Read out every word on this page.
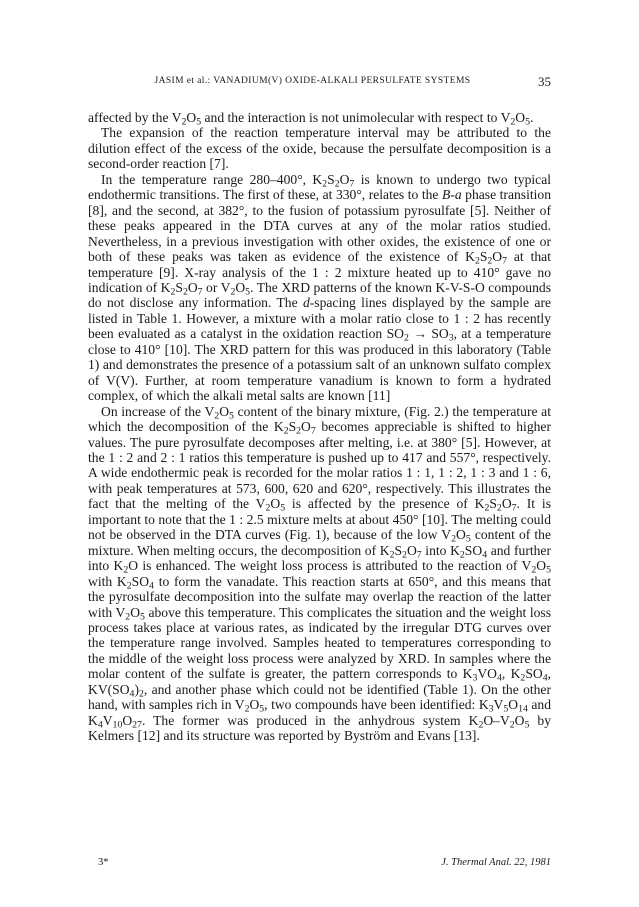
JASIM et al.: VANADIUM(V) OXIDE-ALKALI PERSULFATE SYSTEMS	35

affected by the $V_2O_5$ and the interaction is not unimolecular with respect to $V_2O_5$.

The expansion of the reaction temperature interval may be attributed to the dilution effect of the excess of the oxide, because the persulfate decomposition is a second-order reaction [7].

In the temperature range 280–400°, $K_2S_2O_7$ is known to undergo two typical endothermic transitions. The first of these, at 330°, relates to the B-a phase transition [8], and the second, at 382°, to the fusion of potassium pyrosulfate [5]. Neither of these peaks appeared in the DTA curves at any of the molar ratios studied. Nevertheless, in a previous investigation with other oxides, the existence of one or both of these peaks was taken as evidence of the existence of $K_2S_2O_7$ at that temperature [9]. X-ray analysis of the 1 : 2 mixture heated up to 410° gave no indication of $K_2S_2O_7$ or $V_2O_5$. The XRD patterns of the known K-V-S-O compounds do not disclose any information. The d-spacing lines displayed by the sample are listed in Table 1. However, a mixture with a molar ratio close to 1 : 2 has recently been evaluated as a catalyst in the oxidation reaction $SO_2 \to SO_3$, at a temperature close to 410° [10]. The XRD pattern for this was produced in this laboratory (Table 1) and demonstrates the presence of a potassium salt of an unknown sulfato complex of V(V). Further, at room temperature vanadium is known to form a hydrated complex, of which the alkali metal salts are known [11]

On increase of the $V_2O_5$ content of the binary mixture, (Fig. 2.) the temperature at which the decomposition of the $K_2S_2O_7$ becomes appreciable is shifted to higher values. The pure pyrosulfate decomposes after melting, i.e. at 380° [5]. However, at the 1 : 2 and 2 : 1 ratios this temperature is pushed up to 417 and 557°, respectively. A wide endothermic peak is recorded for the molar ratios 1 : 1, 1 : 2, 1 : 3 and 1 : 6, with peak temperatures at 573, 600, 620 and 620°, respectively. This illustrates the fact that the melting of the $V_2O_5$ is affected by the presence of $K_2S_2O_7$. It is important to note that the 1 : 2.5 mixture melts at about 450° [10]. The melting could not be observed in the DTA curves (Fig. 1), because of the low $V_2O_5$ content of the mixture. When melting occurs, the decomposition of $K_2S_2O_7$ into $K_2SO_4$ and further into $K_2O$ is enhanced. The weight loss process is attributed to the reaction of $V_2O_5$ with $K_2SO_4$ to form the vanadate. This reaction starts at 650°, and this means that the pyrosulfate decomposition into the sulfate may overlap the reaction of the latter with $V_2O_5$ above this temperature. This complicates the situation and the weight loss process takes place at various rates, as indicated by the irregular DTG curves over the temperature range involved. Samples heated to temperatures corresponding to the middle of the weight loss process were analyzed by XRD. In samples where the molar content of the sulfate is greater, the pattern corresponds to $K_3VO_4$, $K_2SO_4$, $KV(SO_4)_2$, and another phase which could not be identified (Table 1). On the other hand, with samples rich in $V_2O_5$, two compounds have been identified: $K_3V_5O_{14}$ and $K_4V_{10}O_{27}$. The former was produced in the anhydrous system $K_2O-V_2O_5$ by Kelmers [12] and its structure was reported by Byström and Evans [13].

3*	J. Thermal Anal. 22, 1981
